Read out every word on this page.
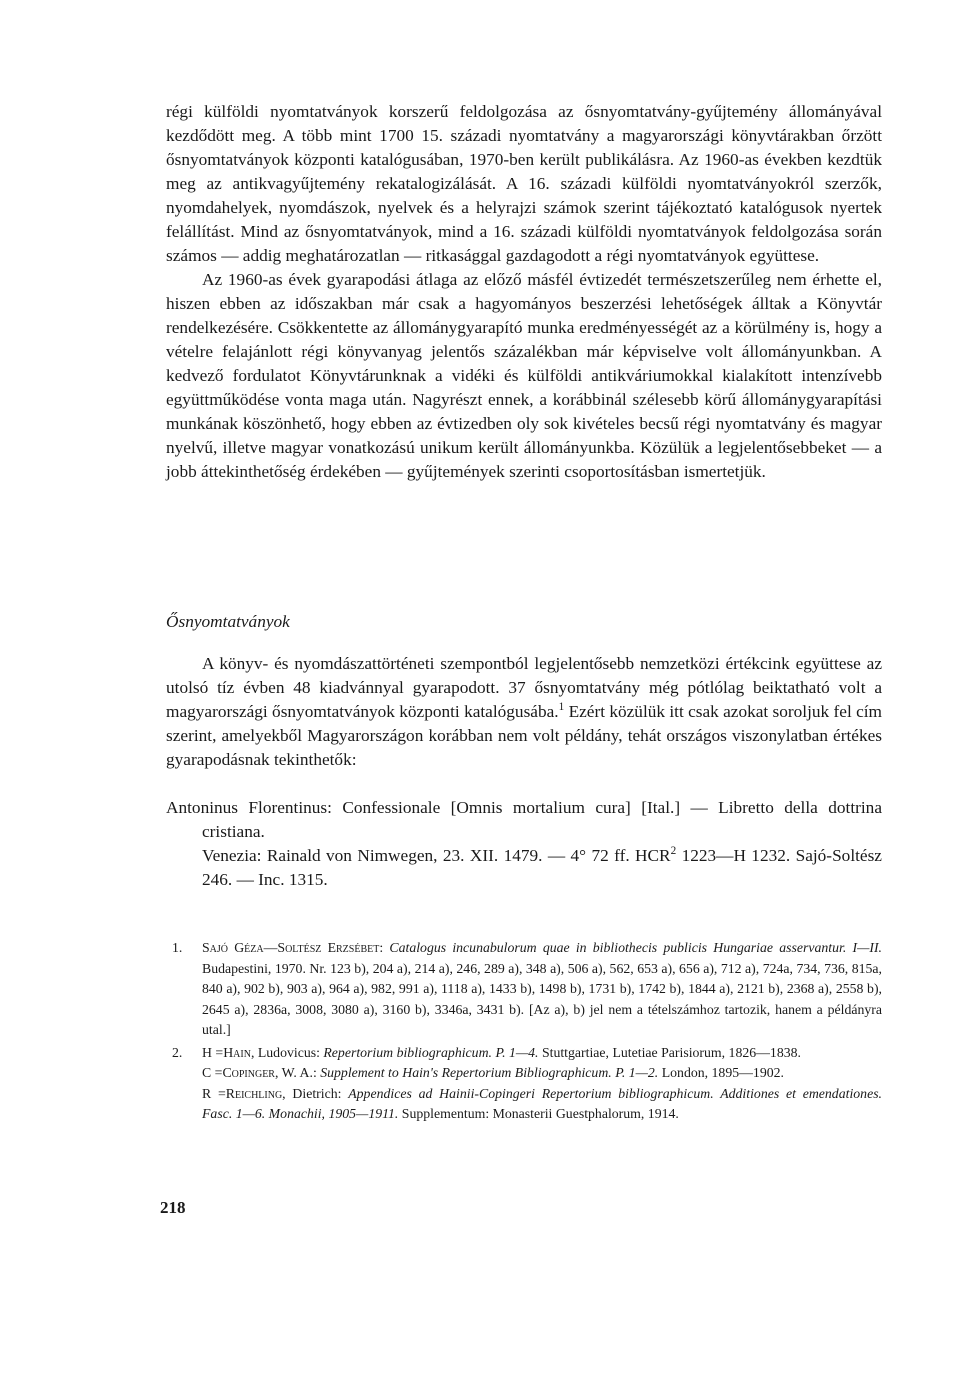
régi külföldi nyomtatványok korszerű feldolgozása az ősnyomtatvány-gyűjtemény állományával kezdődött meg. A több mint 1700 15. századi nyomtatvány a magyarországi könyvtárakban őrzött ősnyomtatványok központi katalógusában, 1970-ben került publikálásra. Az 1960-as években kezdtük meg az antikvagyűjtemény rekatalogizálását. A 16. századi külföldi nyomtatványokról szerzők, nyomdahelyek, nyomdászok, nyelvek és a helyrajzi számok szerint tájékoztató katalógusok nyertek felállítást. Mind az ősnyomtatványok, mind a 16. századi külföldi nyomtatványok feldolgozása során számos — addig meghatározatlan — ritkasággal gazdagodott a régi nyomtatványok együttese.

Az 1960-as évek gyarapodási átlaga az előző másfél évtizedét természetszerűleg nem érhette el, hiszen ebben az időszakban már csak a hagyományos beszerzési lehetőségek álltak a Könyvtár rendelkezésére. Csökkentette az állománygyarapító munka eredményességét az a körülmény is, hogy a vételre felajánlott régi könyvanyag jelentős százalékban már képviselve volt állományunkban. A kedvező fordulatot Könyvtárunknak a vidéki és külföldi antikváriumokkal kialakított intenzívebb együttműködése vonta maga után. Nagyrészt ennek, a korábbinál szélesebb körű állománygyarapítási munkának köszönhető, hogy ebben az évtizedben oly sok kivételes becsű régi nyomtatvány és magyar nyelvű, illetve magyar vonatkozású unikum került állományunkba. Közülük a legjelentősebbeket — a jobb áttekinthetőség érdekében — gyűjtemények szerinti csoportosításban ismertetjük.

Ősnyomtatványok

A könyv- és nyomdászattörténeti szempontból legjelentősebb nemzetközi értékcink együttese az utolsó tíz évben 48 kiadvánnyal gyarapodott. 37 ősnyomtatvány még pótlólag beiktatható volt a magyarországi ősnyomtatványok központi katalógusába.$^1$ Ezért közülük itt csak azokat soroljuk fel cím szerint, amelyekből Magyarországon korábban nem volt példány, tehát országos viszonylatban értékes gyarapodásnak tekinthetők:

Antoninus Florentinus: Confessionale [Omnis mortalium cura] [Ital.] — Libretto della dottrina cristiana.
Venezia: Rainald von Nimwegen, 23. XII. 1479. — 4° 72 ff. HCR$^2$ 1223—H 1232. Sajó-Soltész 246. — Inc. 1315.

1. Sajó Géza—Soltész Erzsébet: Catalogus incunabulorum quae in bibliothecis publicis Hungariae asservantur. I—II. Budapestini, 1970. Nr. 123 b), 204 a), 214 a), 246, 289 a), 348 a), 506 a), 562, 653 a), 656 a), 712 a), 724a, 734, 736, 815a, 840 a), 902 b), 903 a), 964 a), 982, 991 a), 1118 a), 1433 b), 1498 b), 1731 b), 1742 b), 1844 a), 2121 b), 2368 a), 2558 b), 2645 a), 2836a, 3008, 3080 a), 3160 b), 3346a, 3431 b). [Az a), b) jel nem a tételszámhoz tartozik, hanem a példányra utal.]

2. H =Hain, Ludovicus: Repertorium bibliographicum. P. 1—4. Stuttgartiae, Lutetiae Parisiorum, 1826—1838.

C =Copinger, W. A.: Supplement to Hain's Repertorium Bibliographicum. P. 1—2. London, 1895—1902.

R =Reichling, Dietrich: Appendices ad Hainii-Copingeri Repertorium bibliographicum. Additiones et emendationes. Fasc. 1—6. Monachii, 1905—1911. Supplementum: Monasterii Guestphalorum, 1914.

218
